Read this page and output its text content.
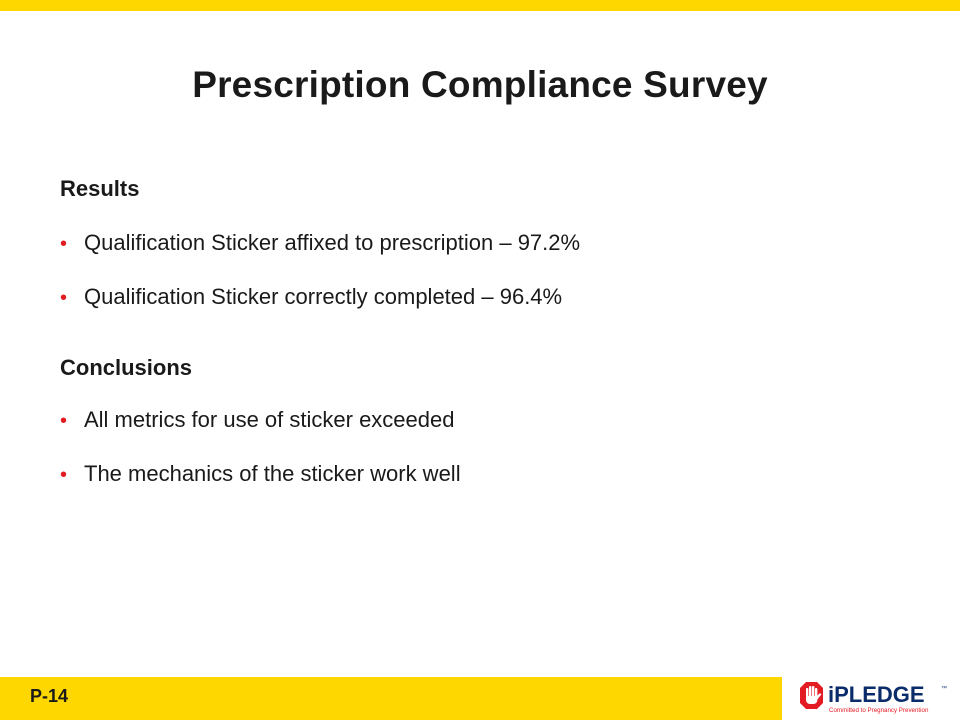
Prescription Compliance Survey
Results
• Qualification Sticker affixed to prescription – 97.2%
• Qualification Sticker correctly completed – 96.4%
Conclusions
• All metrics for use of sticker exceeded
• The mechanics of the sticker work well
P-14	iPLEDGE	™
Committed to Pregnancy Prevention
